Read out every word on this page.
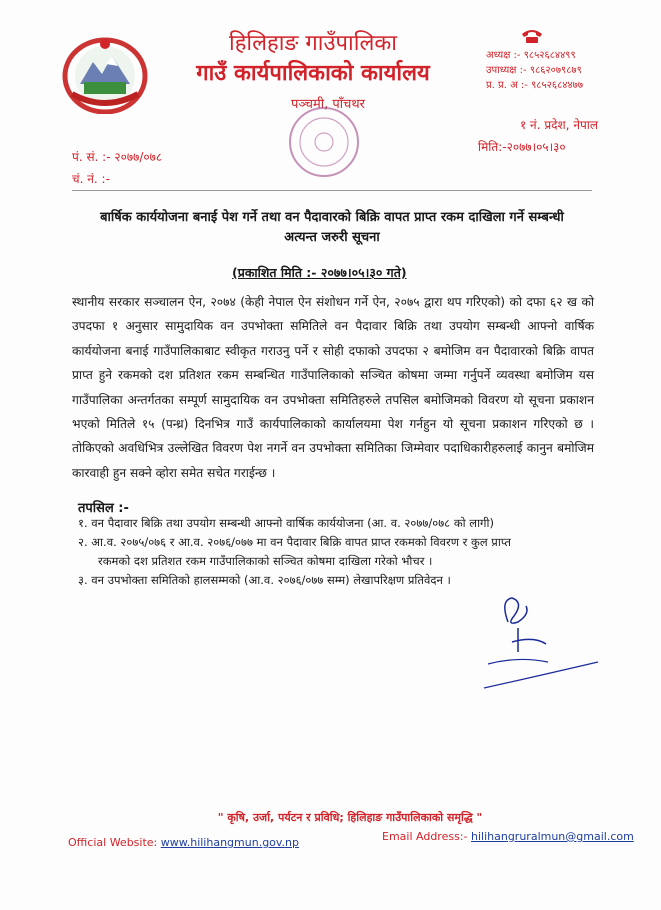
हिलिहाङ गाउँपालिका
गाउँ कार्यपालिकाको कार्यालय
पञ्चमी, पाँचथर
अध्यक्ष :- ९८५२६८४४९९
उपाध्यक्ष :- ९८६२०७९८७९
प्र. प्र. अ :- ९८५२६८४४७७
१ नं. प्रदेश, नेपाल
मिति:-२०७७।०५।३०
पं. सं. :- २०७७/०७८
चं. नं. :-
बार्षिक कार्ययोजना बनाई पेश गर्ने तथा वन पैदावारको बिक्रि वापत प्राप्त रकम दाखिला गर्ने सम्बन्धी
अत्यन्त जरुरी सूचना
(प्रकाशित मिति :- २०७७।०५।३० गते)
स्थानीय सरकार सञ्चालन ऐन, २०७४ (केही नेपाल ऐन संशोधन गर्ने ऐन, २०७५ द्वारा थप गरिएको) को दफा ६२ ख को उपदफा १ अनुसार सामुदायिक वन उपभोक्ता समितिले वन पैदावार बिक्रि तथा उपयोग सम्बन्धी आफ्नो वार्षिक कार्ययोजना बनाई गाउँपालिकाबाट स्वीकृत गराउनु पर्ने र सोही दफाको उपदफा २ बमोजिम वन पैदावारको बिक्रि वापत प्राप्त हुने रकमको दश प्रतिशत रकम सम्बन्धित गाउँपालिकाको सञ्चित कोषमा जम्मा गर्नुपर्ने व्यवस्था बमोजिम यस गाउँपालिका अन्तर्गतका सम्पूर्ण सामुदायिक वन उपभोक्ता समितिहरुले तपसिल बमोजिमको विवरण यो सूचना प्रकाशन भएको मितिले १५ (पन्ध्र) दिनभित्र गाउँ कार्यपालिकाको कार्यालयमा पेश गर्नहुन यो सूचना प्रकाशन गरिएको छ । तोकिएको अवधिभित्र उल्लेखित विवरण पेश नगर्ने वन उपभोक्ता समितिका जिम्मेवार पदाधिकारीहरुलाई कानुन बमोजिम कारवाही हुन सक्ने व्होरा समेत सचेत गराईन्छ ।
तपसिल :-
१. वन पैदावार बिक्रि तथा उपयोग सम्बन्धी आफ्नो वार्षिक कार्ययोजना (आ. व. २०७७/०७८ को लागी)
२. आ.व. २०७५/०७६ र आ.व. २०७६/०७७ मा वन पैदावार बिक्रि वापत प्राप्त रकमको विवरण र कुल प्राप्त
रकमको दश प्रतिशत रकम गाउँपालिकाको सञ्चित कोषमा दाखिला गरेको भौचर ।
३. वन उपभोक्ता समितिको हालसम्मको (आ.व. २०७६/०७७ सम्म) लेखापरिक्षण प्रतिवेदन ।
" कृषि, उर्जा, पर्यटन र प्रविधि; हिलिहाङ गाउँपालिकाको समृद्धि "
Official Website: www.hilihangmun.gov.np	Email Address:- hilihangruralmun@gmail.com
